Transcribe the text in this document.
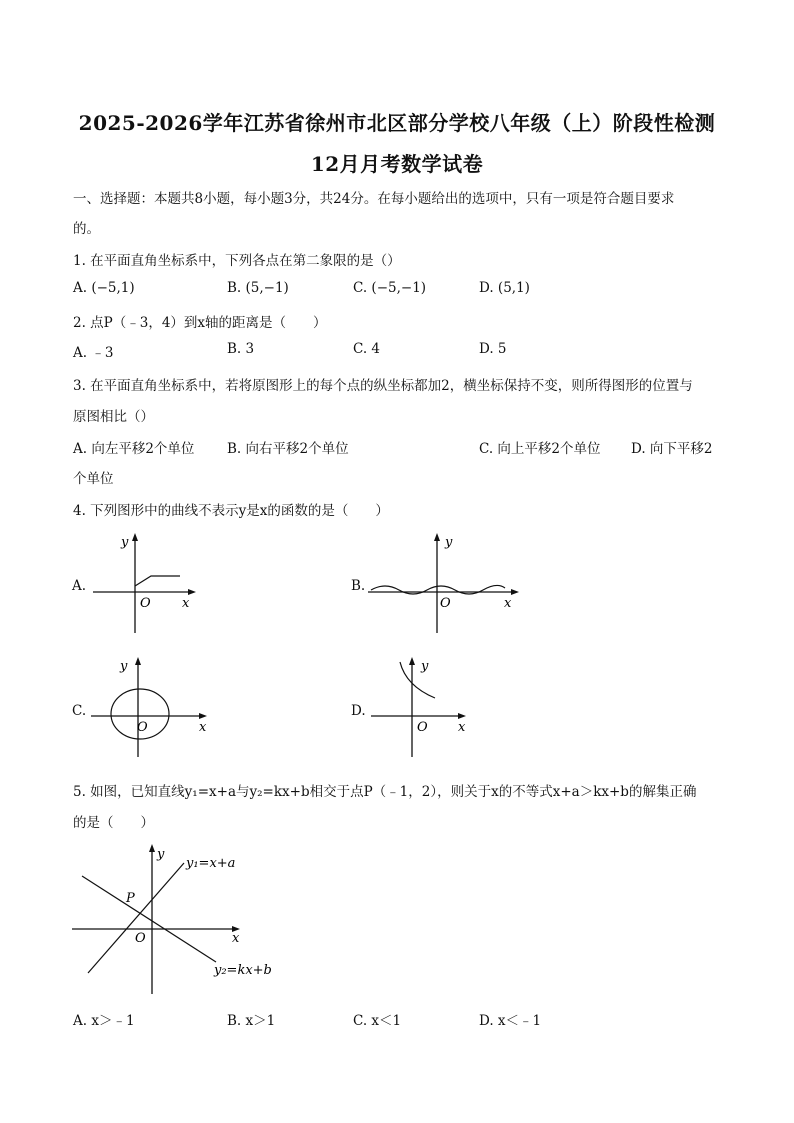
2025-2026学年江苏省徐州市北区部分学校八年级（上）阶段性检测
12月月考数学试卷
一、选择题：本题共8小题，每小题3分，共24分。在每小题给出的选项中，只有一项是符合题目要求
的。
1. 在平面直角坐标系中，下列各点在第二象限的是（）
A. (−5,1)	B. (5,−1)	C. (−5,−1)	D. (5,1)
2. 点P（﹣3，4）到x轴的距离是（　　）
A. ﹣3	B. 3	C. 4	D. 5
3. 在平面直角坐标系中，若将原图形上的每个点的纵坐标都加2，横坐标保持不变，则所得图形的位置与
原图相比（）
A. 向左平移2个单位 B. 向右平移2个单位	C. 向上平移2个单位 D. 向下平移2
个单位
4. 下列图形中的曲线不表示y是x的函数的是（　　）
A.
y
O x
B.
y
O	x
C.
y
O	x
D.
y
O x
5. 如图，已知直线y₁=x+a与y₂=kx+b相交于点P（﹣1，2），则关于x的不等式x+a＞kx+b的解集正确
的是（　　）
y
O	x
P
y₁=x+a
y₂=kx+b
A. x＞﹣1	B. x＞1	C. x＜1	D. x＜﹣1
